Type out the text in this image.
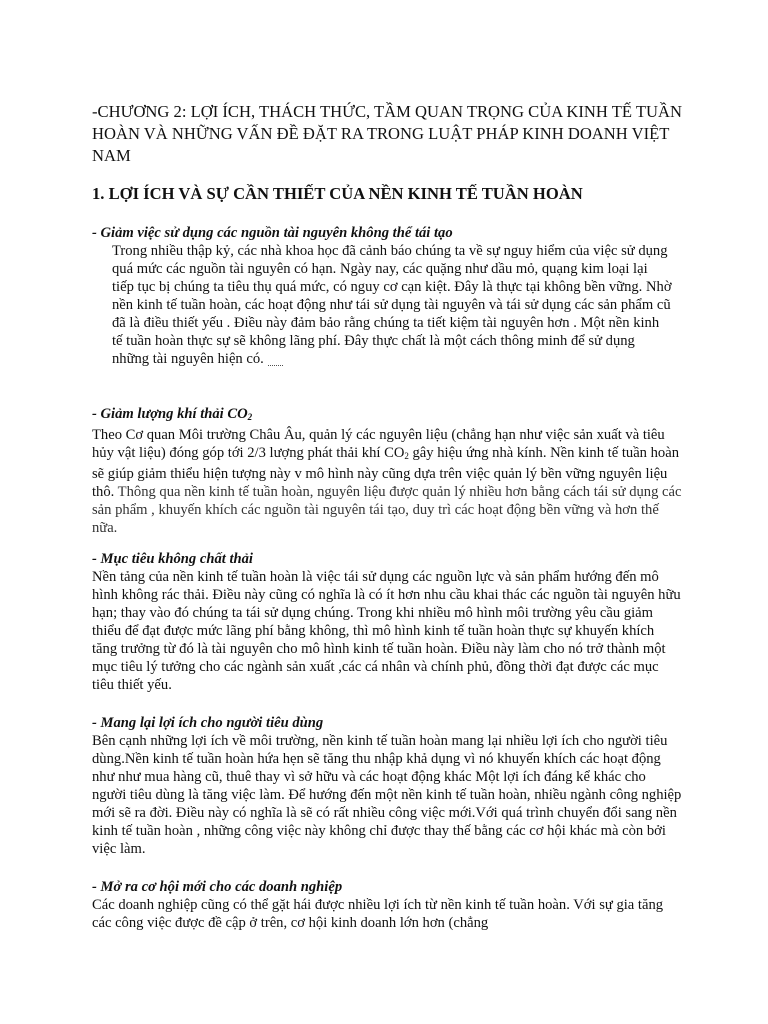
-CHƯƠNG 2: LỢI ÍCH, THÁCH THỨC, TẦM QUAN TRỌNG CỦA KINH TẾ TUẦN HOÀN VÀ NHỮNG VẤN ĐỀ ĐẶT RA TRONG LUẬT PHÁP KINH DOANH VIỆT NAM
1. LỢI ÍCH VÀ SỰ CẦN THIẾT CỦA NỀN KINH TẾ TUẦN HOÀN

- Giảm việc sử dụng các nguồn tài nguyên không thể tái tạo

Trong nhiều thập kỷ, các nhà khoa học đã cảnh báo chúng ta về sự nguy hiểm của việc sử dụng quá mức các nguồn tài nguyên có hạn. Ngày nay, các quặng như dầu mỏ, quạng kim loại lại tiếp tục bị chúng ta tiêu thụ quá mức, có nguy cơ cạn kiệt. Đây là thực tại không bền vững. Nhờ nền kinh tế tuần hoàn, các hoạt động như tái sử dụng tài nguyên và tái sử dụng các sản phẩm cũ đã là điều thiết yếu . Điều này đảm bảo rằng chúng ta tiết kiệm tài nguyên hơn . Một nền kinh tế tuần hoàn thực sự sẽ không lãng phí. Đây thực chất là một cách thông minh để sử dụng những tài nguyên hiện có. $_{........}$

- Giảm lượng khí thải $CO_2$

Theo Cơ quan Môi trường Châu Âu, quản lý các nguyên liệu (chẳng hạn như việc sản xuất và tiêu hủy vật liệu) đóng góp tới 2/3 lượng phát thải khí $CO_2$ gây hiệu ứng nhà kính. Nền kinh tế tuần hoàn sẽ giúp giảm thiểu hiện tượng này v mô hình này cũng dựa trên việc quản lý bền vững nguyên liệu thô. Thông qua nền kinh tế tuần hoàn, nguyên liệu được quản lý nhiều hơn bằng cách tái sử dụng các sản phẩm , khuyến khích các nguồn tài nguyên tái tạo, duy trì các hoạt động bền vững và hơn thế nữa.

- Mục tiêu không chất thải

Nền tảng của nền kinh tế tuần hoàn là việc tái sử dụng các nguồn lực và sản phẩm hướng đến mô hình không rác thải. Điều này cũng có nghĩa là có ít hơn nhu cầu khai thác các nguồn tài nguyên hữu hạn; thay vào đó chúng ta tái sử dụng chúng. Trong khi nhiều mô hình môi trường yêu cầu giảm thiểu để đạt được mức lãng phí bằng không, thì mô hình kinh tế tuần hoàn thực sự khuyến khích tăng trưởng từ đó là tài nguyên cho mô hình kinh tế tuần hoàn. Điều này làm cho nó trở thành một mục tiêu lý tưởng cho các ngành sản xuất ,các cá nhân và chính phủ, đồng thời đạt được các mục tiêu thiết yếu.

- Mang lại lợi ích cho người tiêu dùng

Bên cạnh những lợi ích về môi trường, nền kinh tế tuần hoàn mang lại nhiều lợi ích cho người tiêu dùng.Nền kinh tế tuần hoàn hứa hẹn sẽ tăng thu nhập khả dụng vì nó khuyến khích các hoạt động như như mua hàng cũ, thuê thay vì sở hữu và các hoạt động khác Một lợi ích đáng kể khác cho người tiêu dùng là tăng việc làm. Để hướng đến một nền kinh tế tuần hoàn, nhiều ngành công nghiệp mới sẽ ra đời. Điều này có nghĩa là sẽ có rất nhiều công việc mới.Với quá trình chuyển đổi sang nền kinh tế tuần hoàn , những công việc này không chỉ được thay thế bằng các cơ hội khác mà còn bởi việc làm.

- Mở ra cơ hội mới cho các doanh nghiệp

Các doanh nghiệp cũng có thể gặt hái được nhiều lợi ích từ nền kinh tế tuần hoàn. Với sự gia tăng các công việc được đề cập ở trên, cơ hội kinh doanh lớn hơn (chẳng
